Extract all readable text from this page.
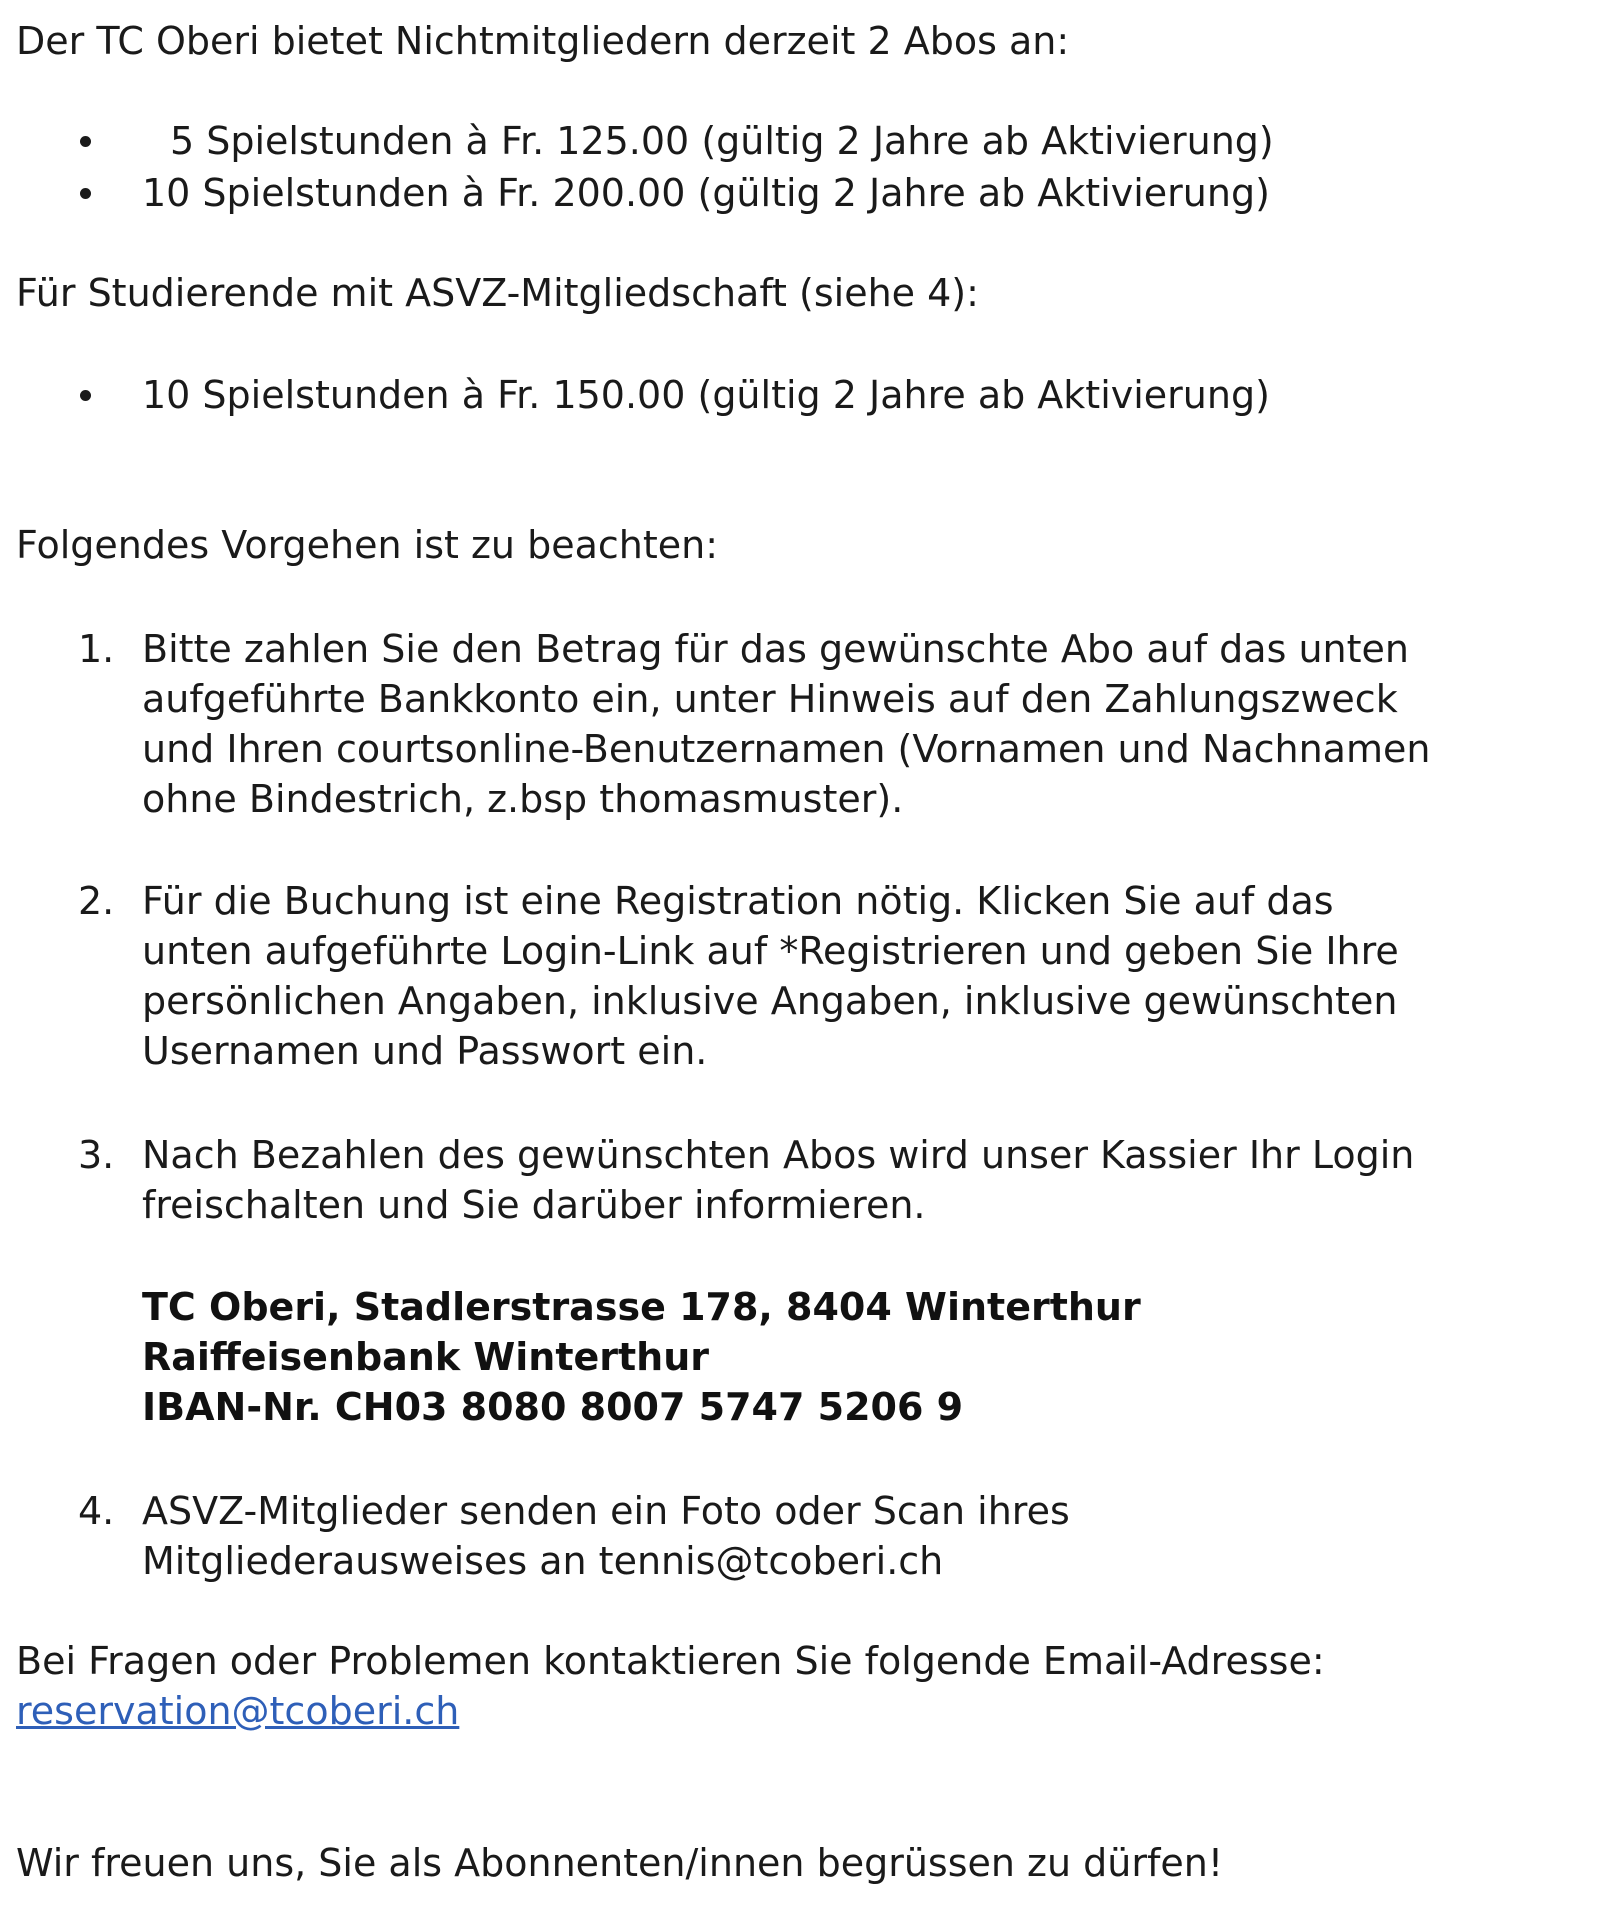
Der TC Oberi bietet Nichtmitgliedern derzeit 2 Abos an:

5 Spielstunden à Fr. 125.00 (gültig 2 Jahre ab Aktivierung)

10 Spielstunden à Fr. 200.00 (gültig 2 Jahre ab Aktivierung)

Für Studierende mit ASVZ-Mitgliedschaft (siehe 4):

10 Spielstunden à Fr. 150.00 (gültig 2 Jahre ab Aktivierung)

Folgendes Vorgehen ist zu beachten:

1. Bitte zahlen Sie den Betrag für das gewünschte Abo auf das unten

aufgeführte Bankkonto ein, unter Hinweis auf den Zahlungszweck

und Ihren courtsonline-Benutzernamen (Vornamen und Nachnamen

ohne Bindestrich, z.bsp thomasmuster).

2. Für die Buchung ist eine Registration nötig. Klicken Sie auf das

unten aufgeführte Login-Link auf *Registrieren und geben Sie Ihre

persönlichen Angaben, inklusive Angaben, inklusive gewünschten

Usernamen und Passwort ein.

3. Nach Bezahlen des gewünschten Abos wird unser Kassier Ihr Login

freischalten und Sie darüber informieren.

TC Oberi, Stadlerstrasse 178, 8404 Winterthur

Raiffeisenbank Winterthur

IBAN-Nr. CH03 8080 8007 5747 5206 9

4. ASVZ-Mitglieder senden ein Foto oder Scan ihres

Mitgliederausweises an tennis@tcoberi.ch

Bei Fragen oder Problemen kontaktieren Sie folgende Email-Adresse:

reservation@tcoberi.ch

Wir freuen uns, Sie als Abonnenten/innen begrüssen zu dürfen!
